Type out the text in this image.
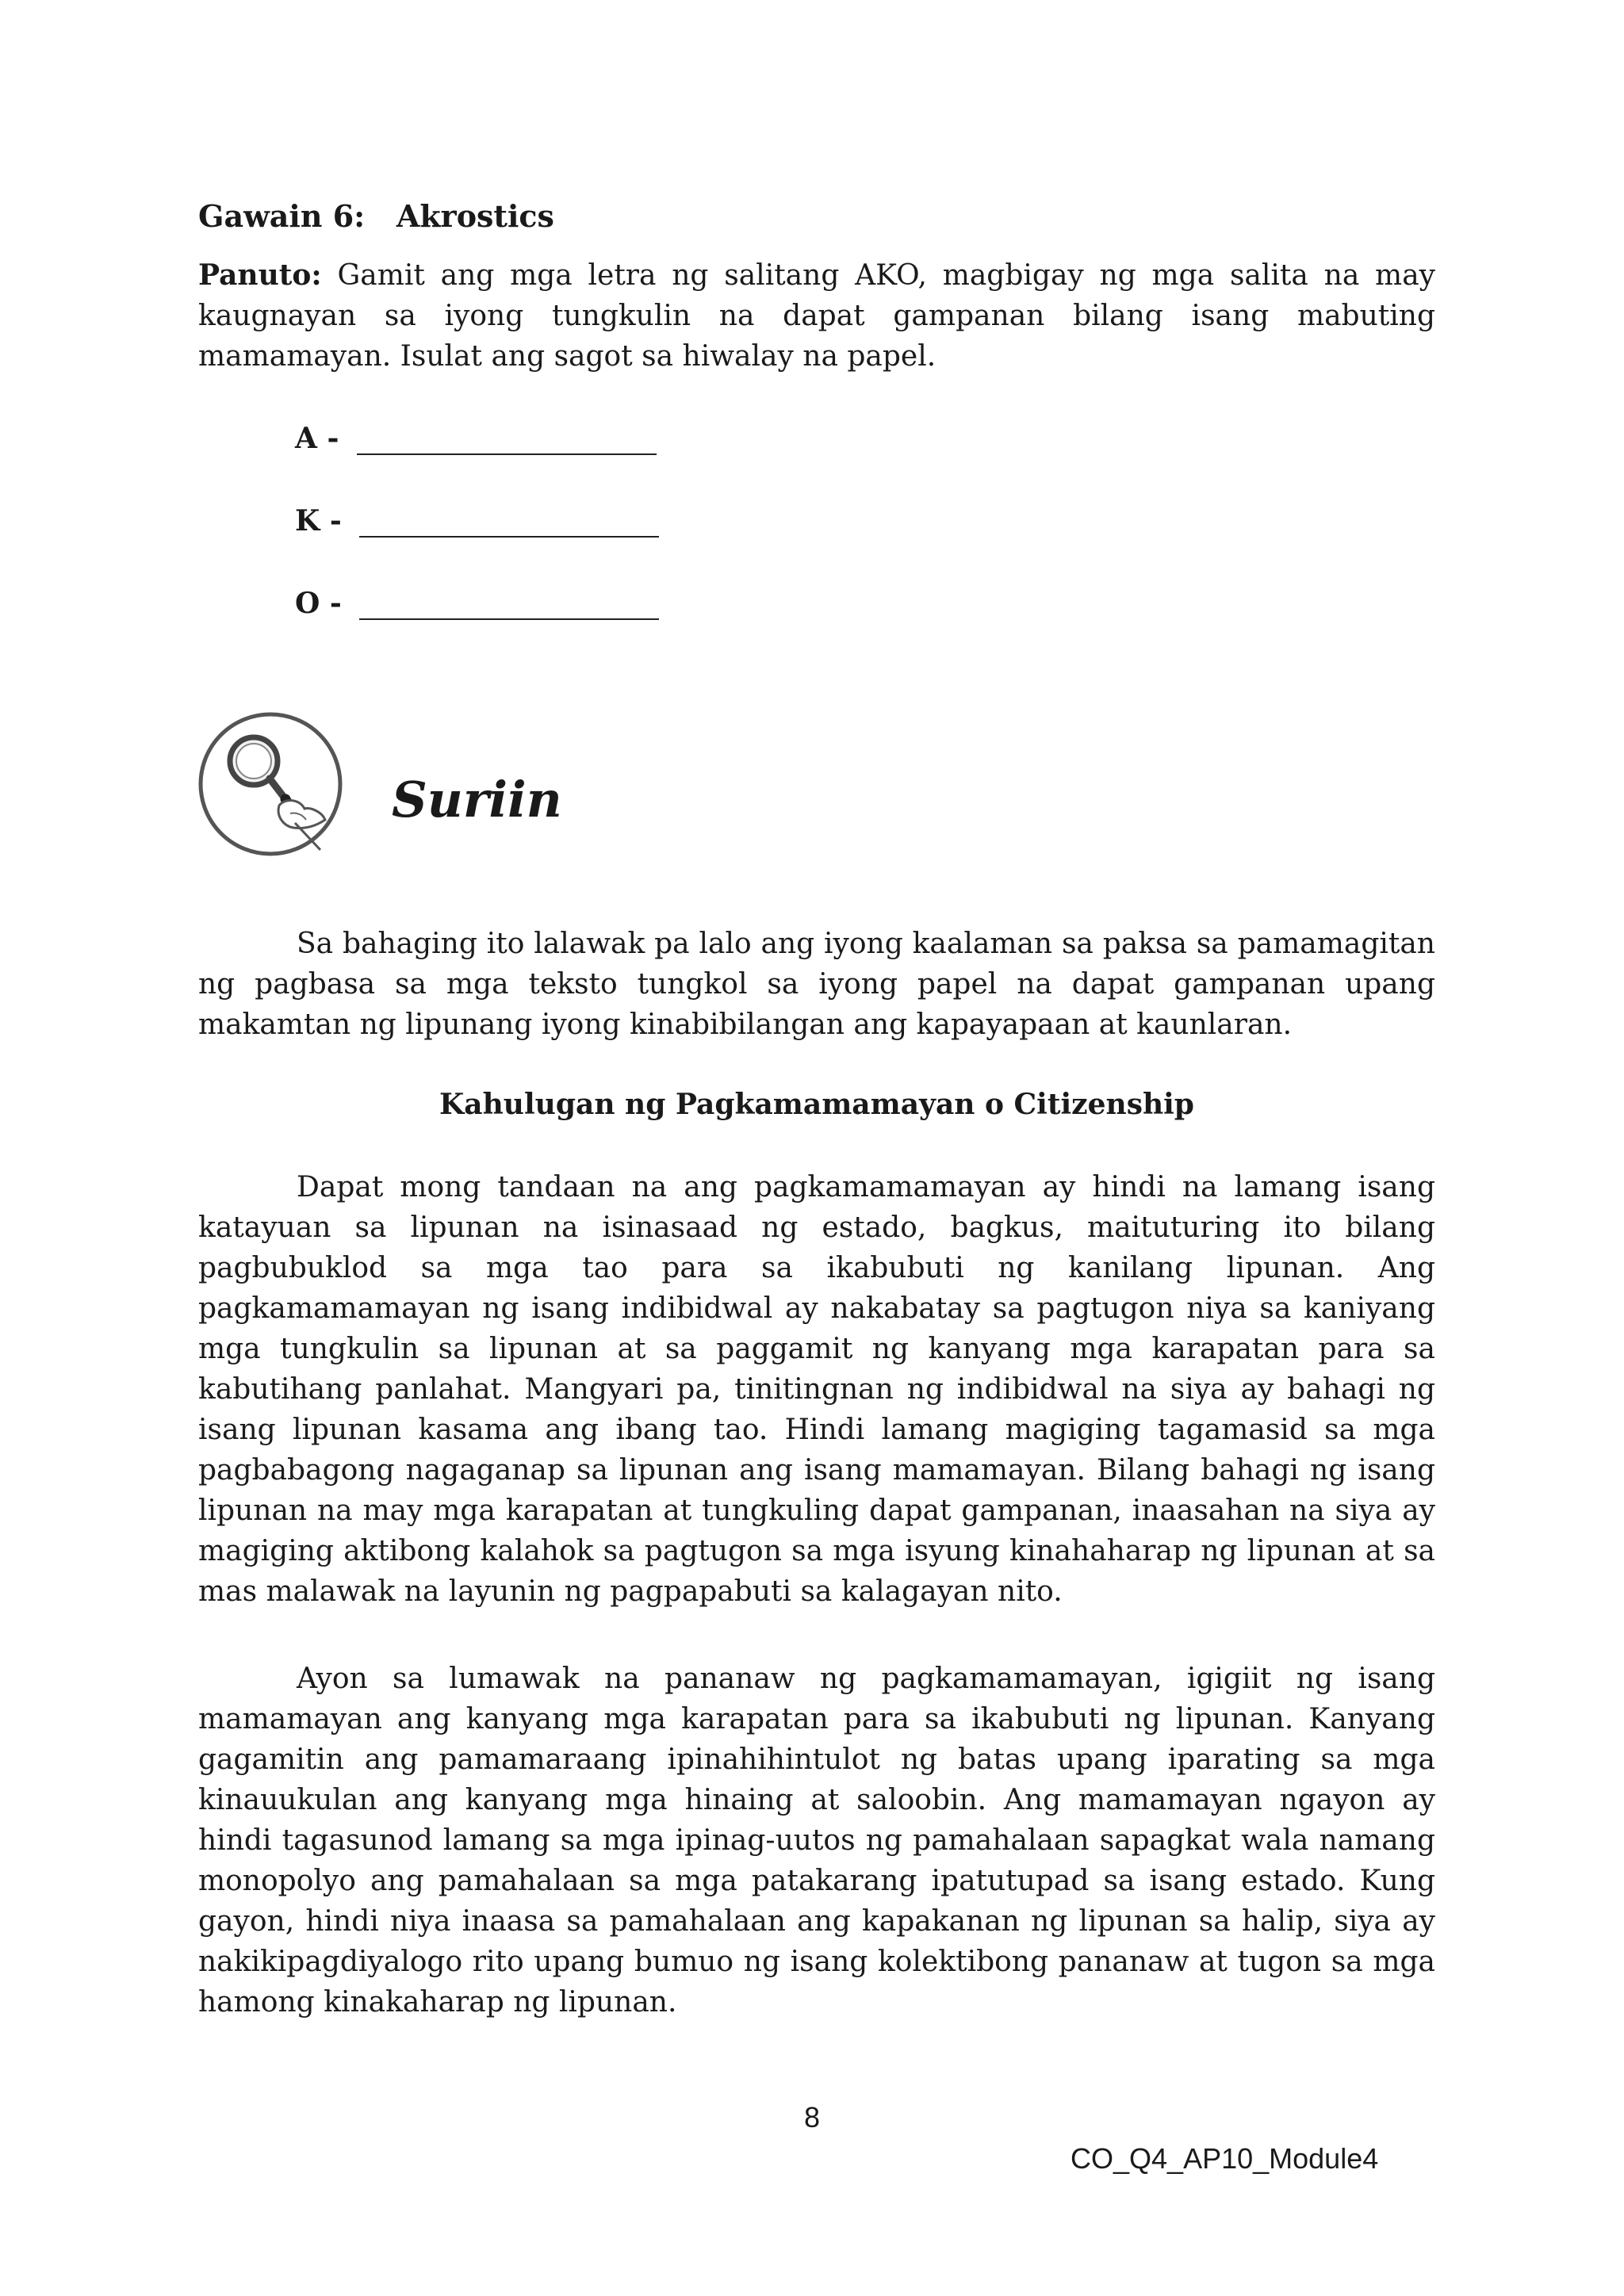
Gawain 6:   Akrostics

Panuto: Gamit ang mga letra ng salitang AKO, magbigay ng mga salita na may kaugnayan sa iyong tungkulin na dapat gampanan bilang isang mabuting mamamayan. Isulat ang sagot sa hiwalay na papel.

A -
K -
O -
Suriin

Sa bahaging ito lalawak pa lalo ang iyong kaalaman sa paksa sa pamamagitan ng pagbasa sa mga teksto tungkol sa iyong papel na dapat gampanan upang makamtan ng lipunang iyong kinabibilangan ang kapayapaan at kaunlaran.

Kahulugan ng Pagkamamamayan o Citizenship

Dapat mong tandaan na ang pagkamamamayan ay hindi na lamang isang katayuan sa lipunan na isinasaad ng estado, bagkus, maituturing ito bilang pagbubuklod sa mga tao para sa ikabubuti ng kanilang lipunan. Ang pagkamamamayan ng isang indibidwal ay nakabatay sa pagtugon niya sa kaniyang mga tungkulin sa lipunan at sa paggamit ng kanyang mga karapatan para sa kabutihang panlahat. Mangyari pa, tinitingnan ng indibidwal na siya ay bahagi ng isang lipunan kasama ang ibang tao. Hindi lamang magiging tagamasid sa mga pagbabagong nagaganap sa lipunan ang isang mamamayan. Bilang bahagi ng isang lipunan na may mga karapatan at tungkuling dapat gampanan, inaasahan na siya ay magiging aktibong kalahok sa pagtugon sa mga isyung kinahaharap ng lipunan at sa mas malawak na layunin ng pagpapabuti sa kalagayan nito.

Ayon sa lumawak na pananaw ng pagkamamamayan, igigiit ng isang mamamayan ang kanyang mga karapatan para sa ikabubuti ng lipunan. Kanyang gagamitin ang pamamaraang ipinahihintulot ng batas upang iparating sa mga kinauukulan ang kanyang mga hinaing at saloobin. Ang mamamayan ngayon ay hindi tagasunod lamang sa mga ipinag-uutos ng pamahalaan sapagkat wala namang monopolyo ang pamahalaan sa mga patakarang ipatutupad sa isang estado. Kung gayon, hindi niya inaasa sa pamahalaan ang kapakanan ng lipunan sa halip, siya ay nakikipagdiyalogo rito upang bumuo ng isang kolektibong pananaw at tugon sa mga hamong kinakaharap ng lipunan.

8
CO_Q4_AP10_Module4
